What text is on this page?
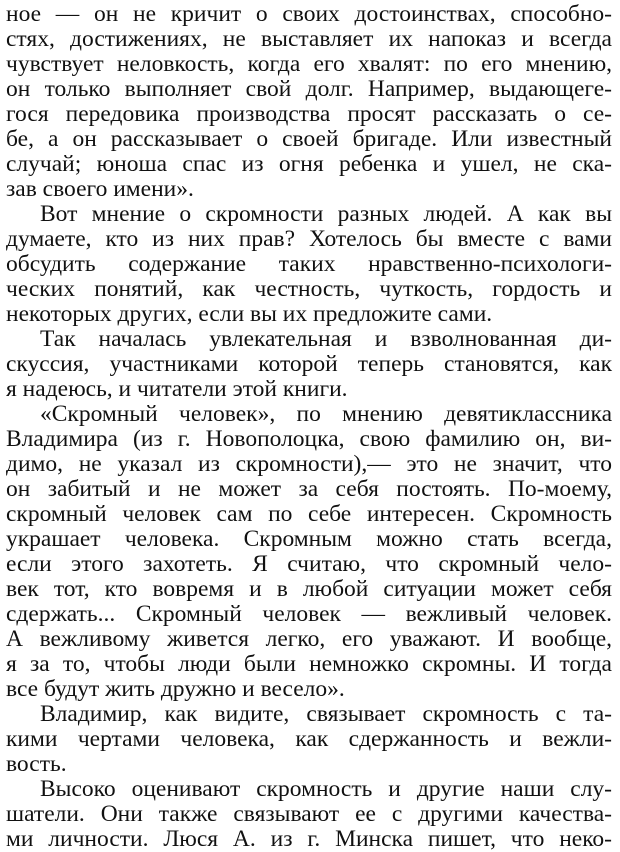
ное — он не кричит о своих достоинствах, способно-
стях, достижениях, не выставляет их напоказ и всегда
чувствует неловкость, когда его хвалят: по его мнению,
он только выполняет свой долг. Например, выдающеге-
гося передовика производства просят рассказать о се-
бе, а он рассказывает о своей бригаде. Или известный
случай; юноша спас из огня ребенка и ушел, не ска-
зав своего имени».
Вот мнение о скромности разных людей. А как вы
думаете, кто из них прав? Хотелось бы вместе с вами
обсудить содержание таких нравственно-психологи-
ческих понятий, как честность, чуткость, гордость и
некоторых других, если вы их предложите сами.
Так началась увлекательная и взволнованная ди-
скуссия, участниками которой теперь становятся, как
я надеюсь, и читатели этой книги.
«Скромный человек», по мнению девятиклассника
Владимира (из г. Новополоцка, свою фамилию он, ви-
димо, не указал из скромности),— это не значит, что
он забитый и не может за себя постоять. По-моему,
скромный человек сам по себе интересен. Скромность
украшает человека. Скромным можно стать всегда,
если этого захотеть. Я считаю, что скромный чело-
век тот, кто вовремя и в любой ситуации может себя
сдержать... Скромный человек — вежливый человек.
А вежливому живется легко, его уважают. И вообще,
я за то, чтобы люди были немножко скромны. И тогда
все будут жить дружно и весело».
Владимир, как видите, связывает скромность с та-
кими чертами человека, как сдержанность и вежли-
вость.
Высоко оценивают скромность и другие наши слу-
шатели. Они также связывают ее с другими качества-
ми личности. Люся А. из г. Минска пишет, что неко-
